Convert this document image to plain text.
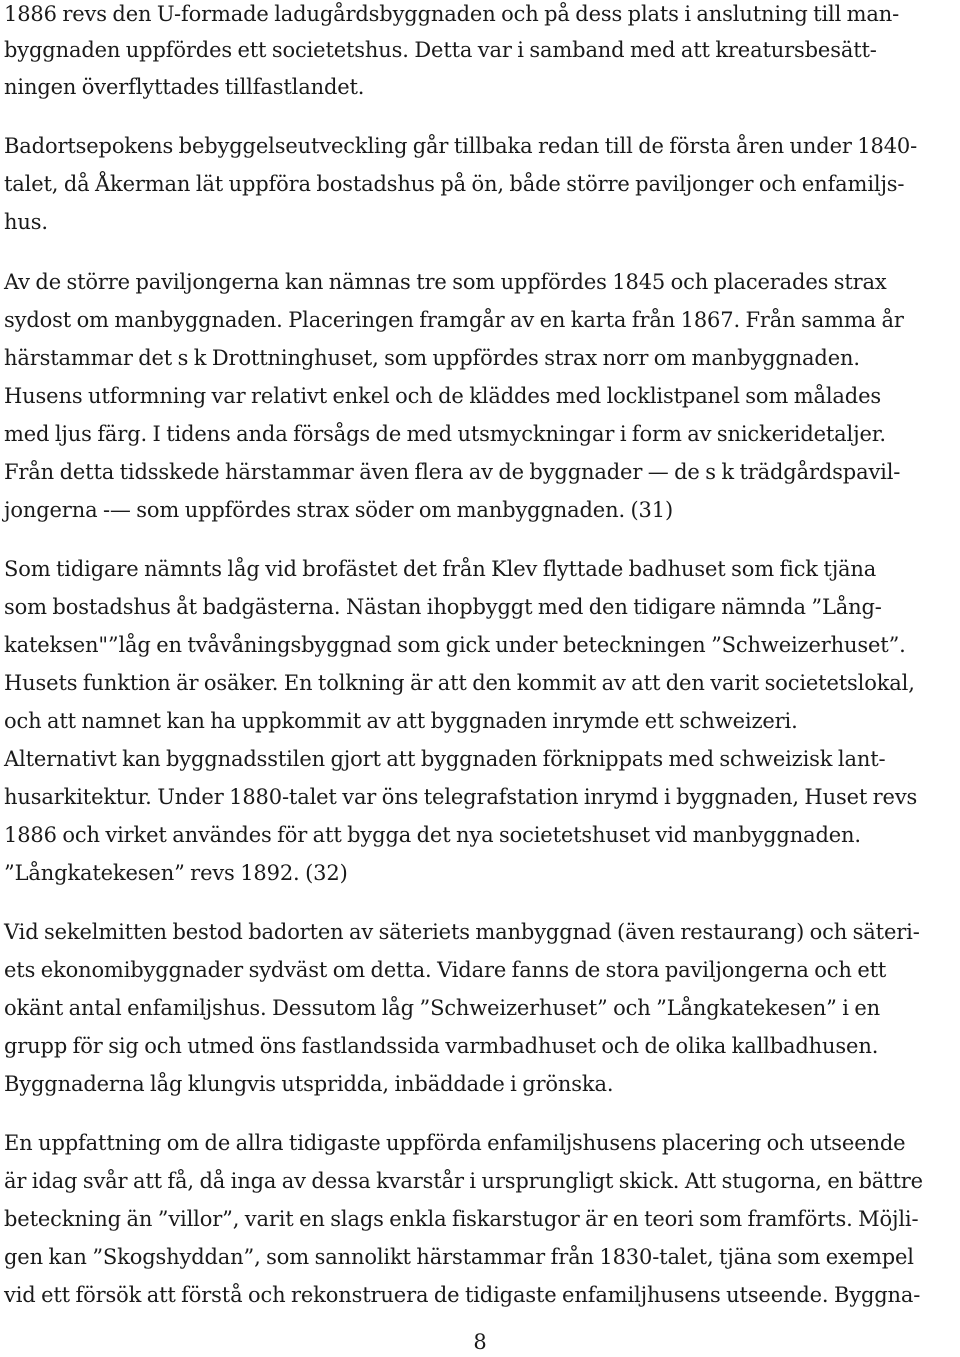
1886 revs den U-formade ladugårdsbyggnaden och på dess plats i anslutning till man-
byggnaden uppfördes ett societetshus. Detta var i samband med att kreatursbesätt-
ningen överflyttades tillfastlandet.
Badortsepokens bebyggelseutveckling går tillbaka redan till de första åren under 1840-
talet, då Åkerman lät uppföra bostadshus på ön, både större paviljonger och enfamiljs-
hus.
Av de större paviljongerna kan nämnas tre som uppfördes 1845 och placerades strax
sydost om manbyggnaden. Placeringen framgår av en karta från 1867. Från samma år
härstammar det s k Drottninghuset, som uppfördes strax norr om manbyggnaden.
Husens utformning var relativt enkel och de kläddes med locklistpanel som målades
med ljus färg. I tidens anda försågs de med utsmyckningar i form av snickeridetaljer.
Från detta tidsskede härstammar även flera av de byggnader — de s k trädgårdspavil-
jongerna -— som uppfördes strax söder om manbyggnaden. (31)
Som tidigare nämnts låg vid brofästet det från Klev flyttade badhuset som fick tjäna
som bostadshus åt badgästerna. Nästan ihopbyggt med den tidigare nämnda ”Lång-
kateksen"”låg en tvåvåningsbyggnad som gick under beteckningen ”Schweizerhuset”.
Husets funktion är osäker. En tolkning är att den kommit av att den varit societetslokal,
och att namnet kan ha uppkommit av att byggnaden inrymde ett schweizeri.
Alternativt kan byggnadsstilen gjort att byggnaden förknippats med schweizisk lant-
husarkitektur. Under 1880-talet var öns telegrafstation inrymd i byggnaden, Huset revs
1886 och virket användes för att bygga det nya societetshuset vid manbyggnaden.
”Långkatekesen” revs 1892. (32)
Vid sekelmitten bestod badorten av säteriets manbyggnad (även restaurang) och säteri-
ets ekonomibyggnader sydväst om detta. Vidare fanns de stora paviljongerna och ett
okänt antal enfamiljshus. Dessutom låg ”Schweizerhuset” och ”Långkatekesen” i en
grupp för sig och utmed öns fastlandssida varmbadhuset och de olika kallbadhusen.
Byggnaderna låg klungvis utspridda, inbäddade i grönska.
En uppfattning om de allra tidigaste uppförda enfamiljshusens placering och utseende
är idag svår att få, då inga av dessa kvarstår i ursprungligt skick. Att stugorna, en bättre
beteckning än ”villor”, varit en slags enkla fiskarstugor är en teori som framförts. Möjli-
gen kan ”Skogshyddan”, som sannolikt härstammar från 1830-talet, tjäna som exempel
vid ett försök att förstå och rekonstruera de tidigaste enfamiljhusens utseende. Byggna-
8
